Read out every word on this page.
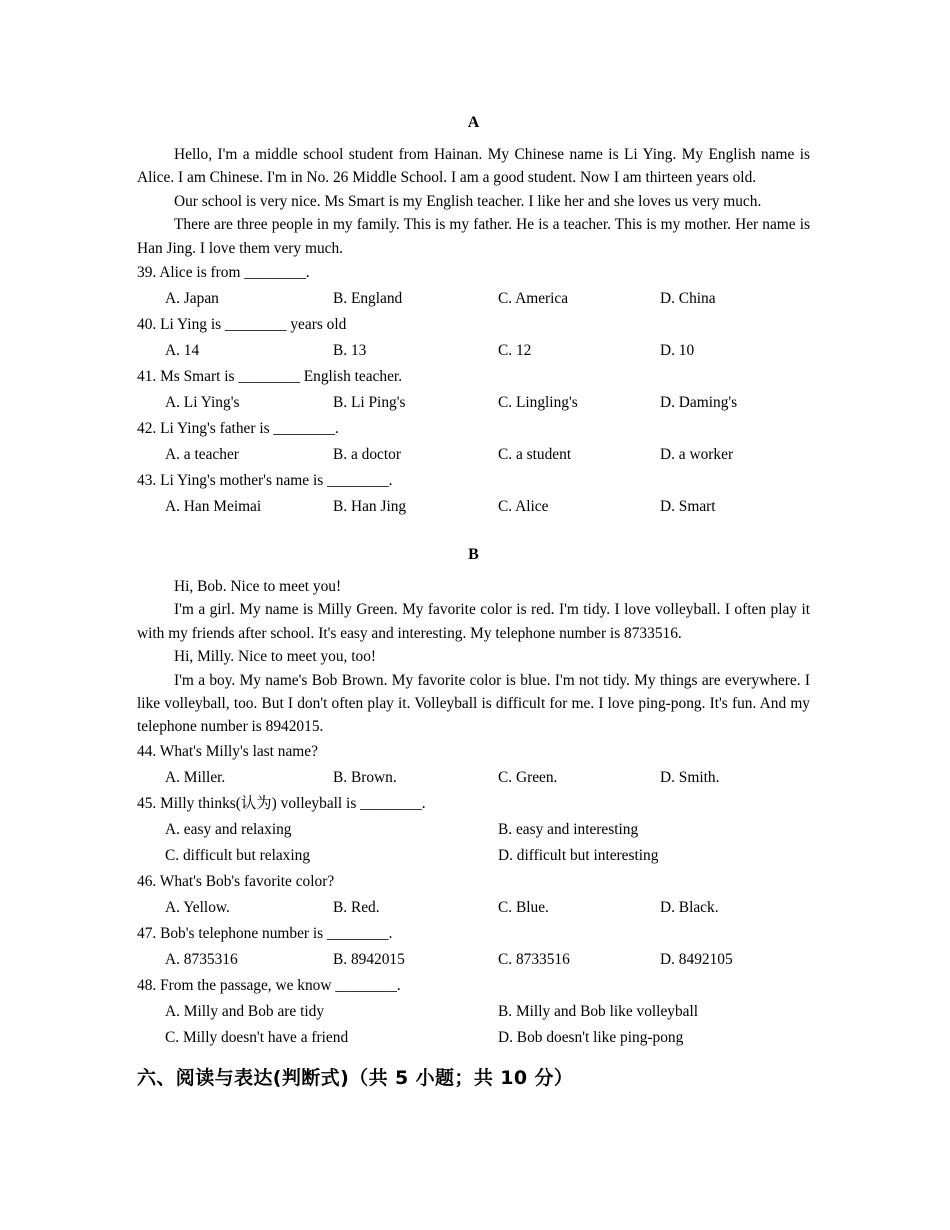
A

Hello, I'm a middle school student from Hainan. My Chinese name is Li Ying. My English name is Alice. I am Chinese. I'm in No. 26 Middle School. I am a good student. Now I am thirteen years old.

Our school is very nice. Ms Smart is my English teacher. I like her and she loves us very much.

There are three people in my family. This is my father. He is a teacher. This is my mother. Her name is Han Jing. I love them very much.

39. Alice is from ________.
A. Japan	B. England	C. America	D. China
40. Li Ying is ________ years old
A. 14	B. 13	C. 12	D. 10
41. Ms Smart is ________ English teacher.
A. Li Ying's	B. Li Ping's	C. Lingling's	D. Daming's
42. Li Ying's father is ________.
A. a teacher	B. a doctor	C. a student	D. a worker
43. Li Ying's mother's name is ________.
A. Han Meimai	B. Han Jing	C. Alice	D. Smart
B

Hi, Bob. Nice to meet you!

I'm a girl. My name is Milly Green. My favorite color is red. I'm tidy. I love volleyball. I often play it with my friends after school. It's easy and interesting. My telephone number is 8733516.

Hi, Milly. Nice to meet you, too!

I'm a boy. My name's Bob Brown. My favorite color is blue. I'm not tidy. My things are everywhere. I like volleyball, too. But I don't often play it. Volleyball is difficult for me. I love ping-pong. It's fun. And my telephone number is 8942015.

44. What's Milly's last name?
A. Miller.	B. Brown.	C. Green.	D. Smith.
45. Milly thinks(认为) volleyball is ________.
A. easy and relaxing	B. easy and interesting
C. difficult but relaxing	D. difficult but interesting
46. What's Bob's favorite color?
A. Yellow.	B. Red.	C. Blue.	D. Black.
47. Bob's telephone number is ________.
A. 8735316	B. 8942015	C. 8733516	D. 8492105
48. From the passage, we know ________.
A. Milly and Bob are tidy	B. Milly and Bob like volleyball
C. Milly doesn't have a friend	D. Bob doesn't like ping-pong
六、阅读与表达(判断式)（共 5 小题；共 10 分）
